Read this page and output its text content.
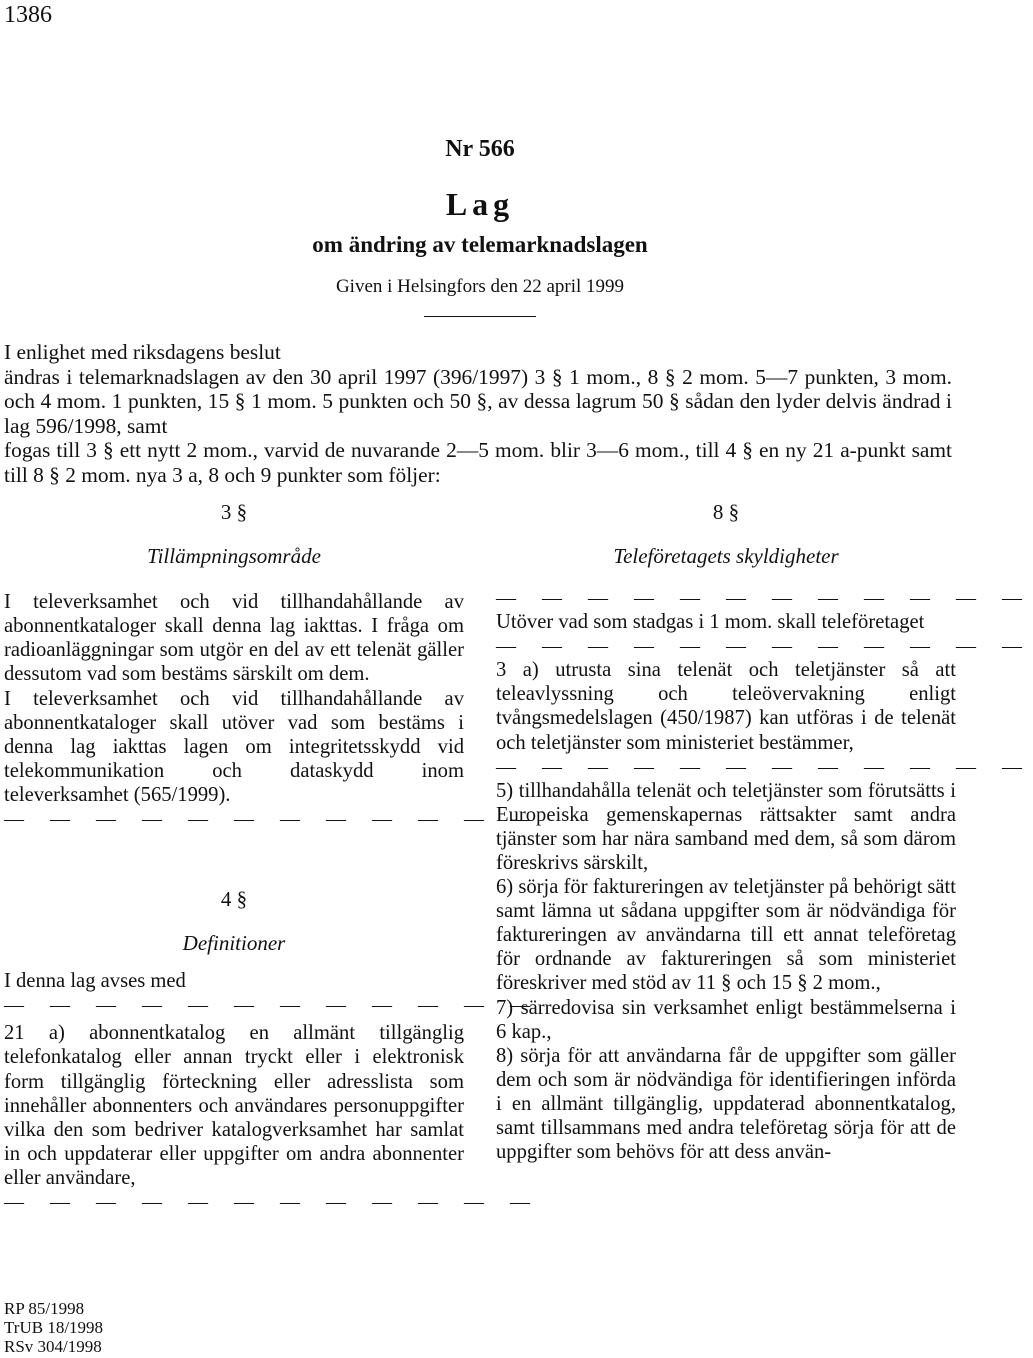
1386
Nr 566
Lag
om ändring av telemarknadslagen
Given i Helsingfors den 22 april 1999

I enlighet med riksdagens beslut

ändras i telemarknadslagen av den 30 april 1997 (396/1997) 3 § 1 mom., 8 § 2 mom. 5—7 punkten, 3 mom. och 4 mom. 1 punkten, 15 § 1 mom. 5 punkten och 50 §, av dessa lagrum 50 § sådan den lyder delvis ändrad i lag 596/1998, samt

fogas till 3 § ett nytt 2 mom., varvid de nuvarande 2—5 mom. blir 3—6 mom., till 4 § en ny 21 a-punkt samt till 8 § 2 mom. nya 3 a, 8 och 9 punkter som följer:

3 §
Tillämpningsområde

I televerksamhet och vid tillhandahållande av abonnentkataloger skall denna lag iakttas. I fråga om radioanläggningar som utgör en del av ett telenät gäller dessutom vad som bestäms särskilt om dem.

I televerksamhet och vid tillhandahållande av abonnentkataloger skall utöver vad som bestäms i denna lag iakttas lagen om integritetsskydd vid telekommunikation och dataskydd inom televerksamhet (565/1999).

— — — — — — — — — — — —
4 §
Definitioner

I denna lag avses med

— — — — — — — — — — — —

21 a) abonnentkatalog en allmänt tillgänglig telefonkatalog eller annan tryckt eller i elektronisk form tillgänglig förteckning eller adresslista som innehåller abonnenters och användares personuppgifter vilka den som bedriver katalogverksamhet har samlat in och uppdaterar eller uppgifter om andra abonnenter eller användare,

— — — — — — — — — — — —
8 §
Teleföretagets skyldigheter
— — — — — — — — — — — —

Utöver vad som stadgas i 1 mom. skall teleföretaget

— — — — — — — — — — — —

3 a) utrusta sina telenät och teletjänster så att teleavlyssning och teleövervakning enligt tvångsmedelslagen (450/1987) kan utföras i de telenät och teletjänster som ministeriet bestämmer,

— — — — — — — — — — — —

5) tillhandahålla telenät och teletjänster som förutsätts i Europeiska gemenskapernas rättsakter samt andra tjänster som har nära samband med dem, så som därom föreskrivs särskilt,

6) sörja för faktureringen av teletjänster på behörigt sätt samt lämna ut sådana uppgifter som är nödvändiga för faktureringen av användarna till ett annat teleföretag för ordnande av faktureringen så som ministeriet föreskriver med stöd av 11 § och 15 § 2 mom.,

7) särredovisa sin verksamhet enligt bestämmelserna i 6 kap.,

8) sörja för att användarna får de uppgifter som gäller dem och som är nödvändiga för identifieringen införda i en allmänt tillgänglig, uppdaterad abonnentkatalog, samt tillsammans med andra teleföretag sörja för att de uppgifter som behövs för att dess använ-

RP 85/1998
TrUB 18/1998
RSv 304/1998
